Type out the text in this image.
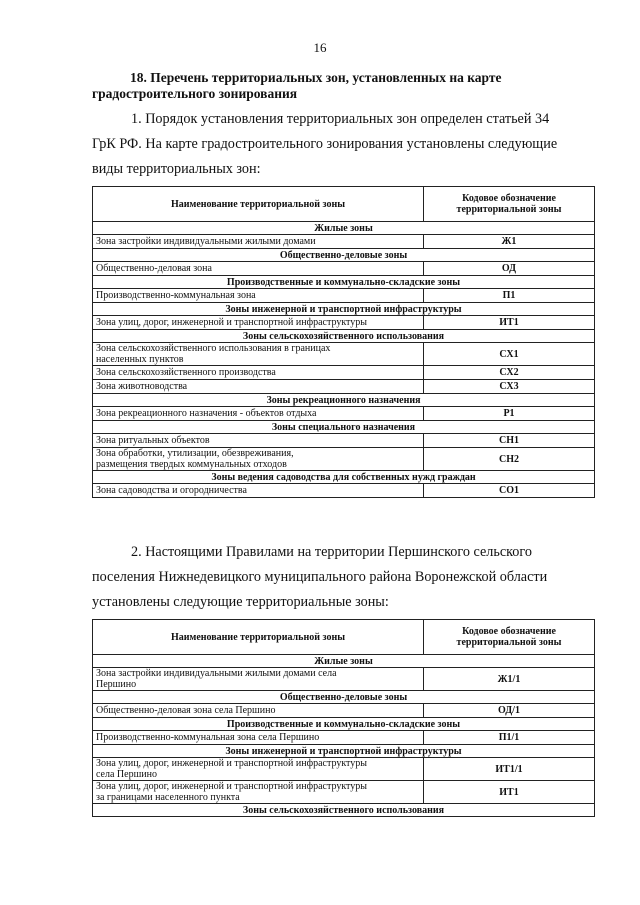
16
18. Перечень территориальных зон, установленных на карте
градостроительного зонирования
1. Порядок установления территориальных зон определен статьей 34
ГрК РФ. На карте градостроительного зонирования установлены следующие
виды территориальных зон:
Наименование территориальной зоны	Кодовое обозначение
территориальной зоны

Жилые зоны	

Зона застройки индивидуальными жилыми домами	Ж1
Общественно-деловые зоны	

Общественно-деловая зона	ОД
Производственные и коммунально-складские зоны	

Производственно-коммунальная зона	П1
Зоны инженерной и транспортной инфраструктуры	

Зона улиц, дорог, инженерной и транспортной инфраструктуры	ИТ1
Зоны сельскохозяйственного использования	

Зона сельскохозяйственного использования в границах
населенных пунктов	СХ1

Зона сельскохозяйственного производства	СХ2

Зона животноводства	СХ3
Зоны рекреационного назначения	

Зона рекреационного назначения - объектов отдыха	Р1
Зоны специального назначения	

Зона ритуальных объектов	СН1

Зона обработки, утилизации, обезвреживания,
размещения твердых коммунальных отходов	СН2
Зоны ведения садоводства для собственных нужд граждан	

Зона садоводства и огородничества	СО1
2. Настоящими Правилами на территории Першинского сельского
поселения Нижнедевицкого муниципального района Воронежской области
установлены следующие территориальные зоны:
Наименование территориальной зоны	Кодовое обозначение
территориальной зоны

Жилые зоны	

Зона застройки индивидуальными жилыми домами села
Першино	Ж1/1
Общественно-деловые зоны	

Общественно-деловая зона села Першино	ОД/1
Производственные и коммунально-складские зоны	

Производственно-коммунальная зона села Першино	П1/1
Зоны инженерной и транспортной инфраструктуры	

Зона улиц, дорог, инженерной и транспортной инфраструктуры
села Першино	ИТ1/1

Зона улиц, дорог, инженерной и транспортной инфраструктуры
за границами населенного пункта	ИТ1
Зоны сельскохозяйственного использования	
